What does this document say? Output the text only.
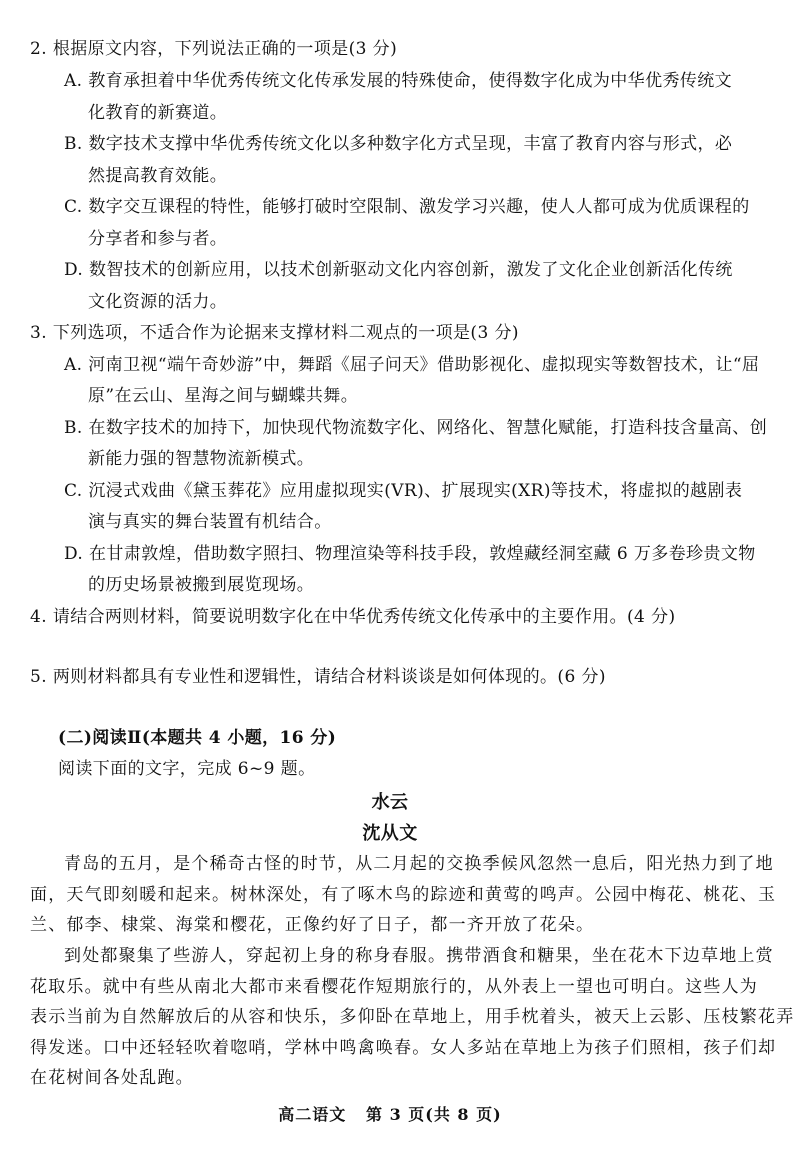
2. 根据原文内容，下列说法正确的一项是(3 分)
A. 教育承担着中华优秀传统文化传承发展的特殊使命，使得数字化成为中华优秀传统文
化教育的新赛道。
B. 数字技术支撑中华优秀传统文化以多种数字化方式呈现，丰富了教育内容与形式，必
然提高教育效能。
C. 数字交互课程的特性，能够打破时空限制、激发学习兴趣，使人人都可成为优质课程的
分享者和参与者。
D. 数智技术的创新应用，以技术创新驱动文化内容创新，激发了文化企业创新活化传统
文化资源的活力。
3. 下列选项，不适合作为论据来支撑材料二观点的一项是(3 分)
A. 河南卫视“端午奇妙游”中，舞蹈《屈子问天》借助影视化、虚拟现实等数智技术，让“屈
原”在云山、星海之间与蝴蝶共舞。
B. 在数字技术的加持下，加快现代物流数字化、网络化、智慧化赋能，打造科技含量高、创
新能力强的智慧物流新模式。
C. 沉浸式戏曲《黛玉葬花》应用虚拟现实(VR)、扩展现实(XR)等技术，将虚拟的越剧表
演与真实的舞台装置有机结合。
D. 在甘肃敦煌，借助数字照扫、物理渲染等科技手段，敦煌藏经洞室藏 6 万多卷珍贵文物
的历史场景被搬到展览现场。
4. 请结合两则材料，简要说明数字化在中华优秀传统文化传承中的主要作用。(4 分)
5. 两则材料都具有专业性和逻辑性，请结合材料谈谈是如何体现的。(6 分)
(二)阅读Ⅱ(本题共 4 小题，16 分)
阅读下面的文字，完成 6~9 题。
水云
沈从文
青岛的五月，是个稀奇古怪的时节，从二月起的交换季候风忽然一息后，阳光热力到了地
面，天气即刻暖和起来。树林深处，有了啄木鸟的踪迹和黄莺的鸣声。公园中梅花、桃花、玉
兰、郁李、棣棠、海棠和樱花，正像约好了日子，都一齐开放了花朵。
到处都聚集了些游人，穿起初上身的称身春服。携带酒食和糖果，坐在花木下边草地上赏
花取乐。就中有些从南北大都市来看樱花作短期旅行的，从外表上一望也可明白。这些人为
表示当前为自然解放后的从容和快乐，多仰卧在草地上，用手枕着头，被天上云影、压枝繁花弄
得发迷。口中还轻轻吹着唿哨，学林中鸣禽唤春。女人多站在草地上为孩子们照相，孩子们却
在花树间各处乱跑。
高二语文   第 3 页(共 8 页)
